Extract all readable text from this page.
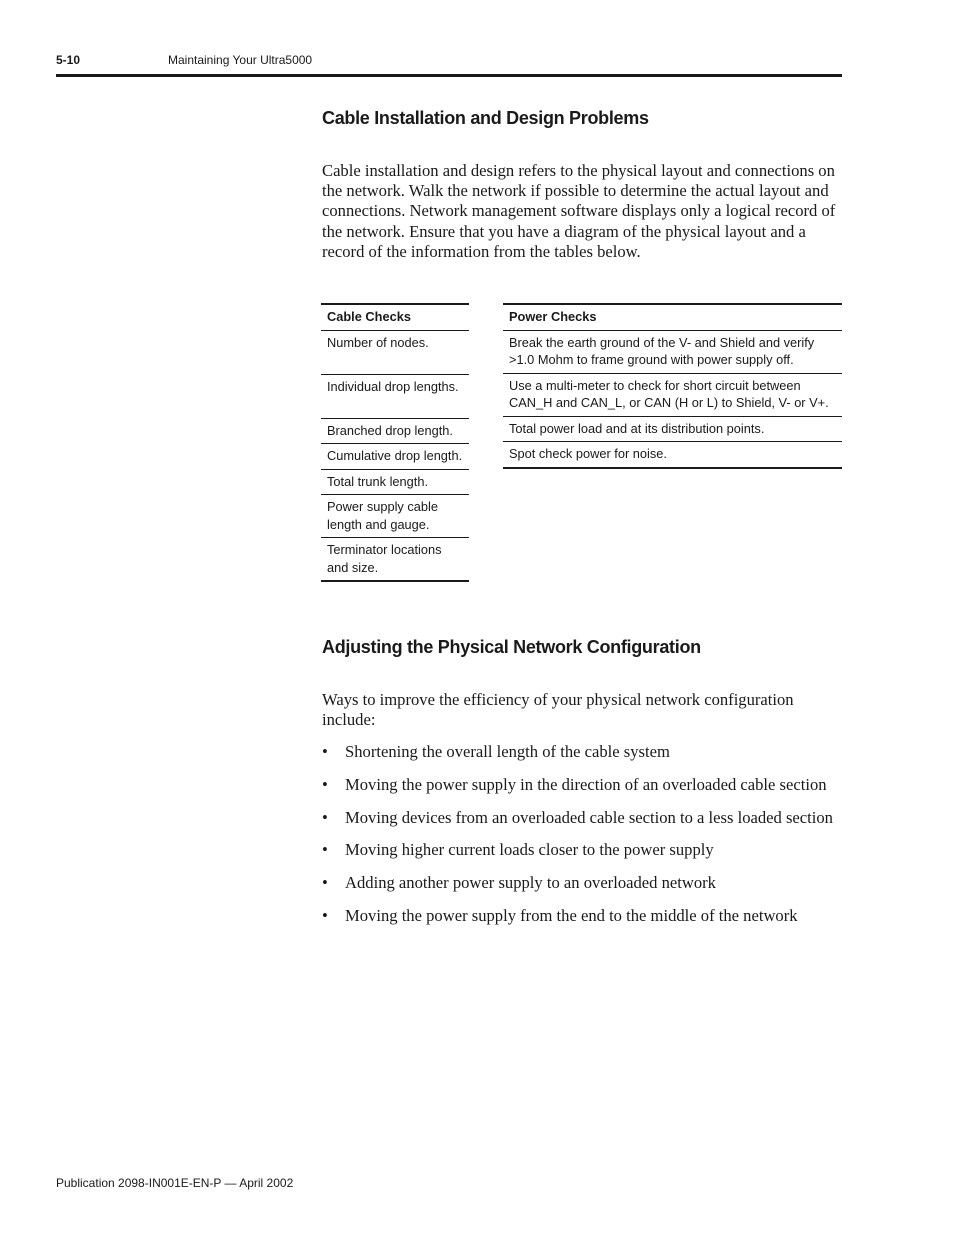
5-10	Maintaining Your Ultra5000
Cable Installation and Design Problems

Cable installation and design refers to the physical layout and connections on the network. Walk the network if possible to determine the actual layout and connections. Network management software displays only a logical record of the network. Ensure that you have a diagram of the physical layout and a record of the information from the tables below.

Cable Checks
Number of nodes.
Individual drop lengths.
Branched drop length.
Cumulative drop length.
Total trunk length.
Power supply cable length and gauge.
Terminator locations and size.
Power Checks
Break the earth ground of the V- and Shield and verify >1.0 Mohm to frame ground with power supply off.
Use a multi-meter to check for short circuit between CAN_H and CAN_L, or CAN (H or L) to Shield, V- or V+.
Total power load and at its distribution points.
Spot check power for noise.
Adjusting the Physical Network Configuration

Ways to improve the efficiency of your physical network configuration include:

• Shortening the overall length of the cable system
• Moving the power supply in the direction of an overloaded cable section
• Moving devices from an overloaded cable section to a less loaded section
• Moving higher current loads closer to the power supply
• Adding another power supply to an overloaded network
• Moving the power supply from the end to the middle of the network
Publication 2098-IN001E-EN-P — April 2002
